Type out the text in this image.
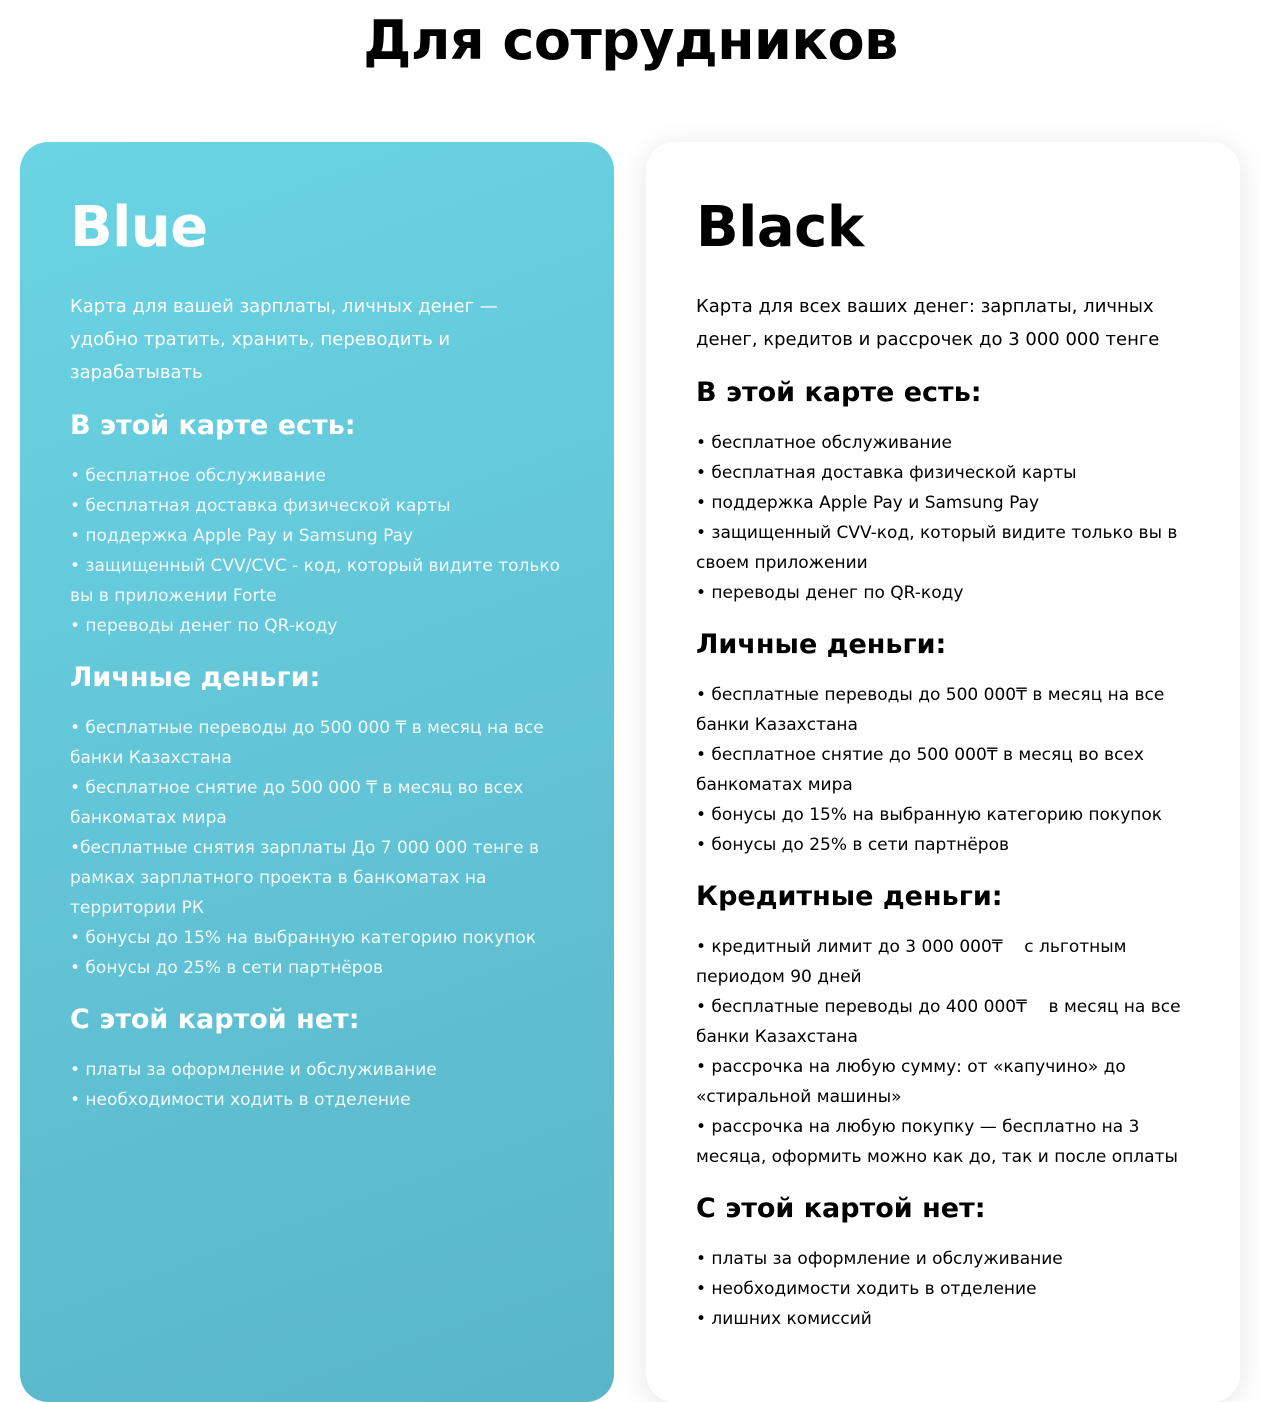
Для сотрудников
Blue

Карта для вашей зарплаты, личных денег — удобно тратить, хранить, переводить и зарабатывать

В этой карте есть:
• бесплатное обслуживание
• бесплатная доставка физической карты
• поддержка Apple Pay и Samsung Pay
• защищенный CVV/CVC - код, который видите только вы в приложении Forte
• переводы денег по QR-коду
Личные деньги:
• бесплатные переводы до 500 000 ₸ в месяц на все банки Казахстана
• бесплатное снятие до 500 000 ₸ в месяц во всех банкоматах мира
•бесплатные снятия зарплаты До 7 000 000 тенге в рамках зарплатного проекта в банкоматах на территории РК
• бонусы до 15% на выбранную категорию покупок
• бонусы до 25% в сети партнёров
С этой картой нет:
• платы за оформление и обслуживание
• необходимости ходить в отделение
Black

Карта для всех ваших денег: зарплаты, личных денег, кредитов и рассрочек до 3 000 000 тенге

В этой карте есть:
• бесплатное обслуживание
• бесплатная доставка физической карты
• поддержка Apple Pay и Samsung Pay
• защищенный CVV-код, который видите только вы в своем приложении
• переводы денег по QR-коду
Личные деньги:
• бесплатные переводы до 500 000₸ в месяц на все банки Казахстана
• бесплатное снятие до 500 000₸ в месяц во всех банкоматах мира
• бонусы до 15% на выбранную категорию покупок
• бонусы до 25% в сети партнёров
Кредитные деньги:
• кредитный лимит до 3 000 000₸    с льготным периодом 90 дней
• бесплатные переводы до 400 000₸    в месяц на все банки Казахстана
• рассрочка на любую сумму: от «капучино» до «стиральной машины»
• рассрочка на любую покупку — бесплатно на 3 месяца, оформить можно как до, так и после оплаты
С этой картой нет:
• платы за оформление и обслуживание
• необходимости ходить в отделение
• лишних комиссий
